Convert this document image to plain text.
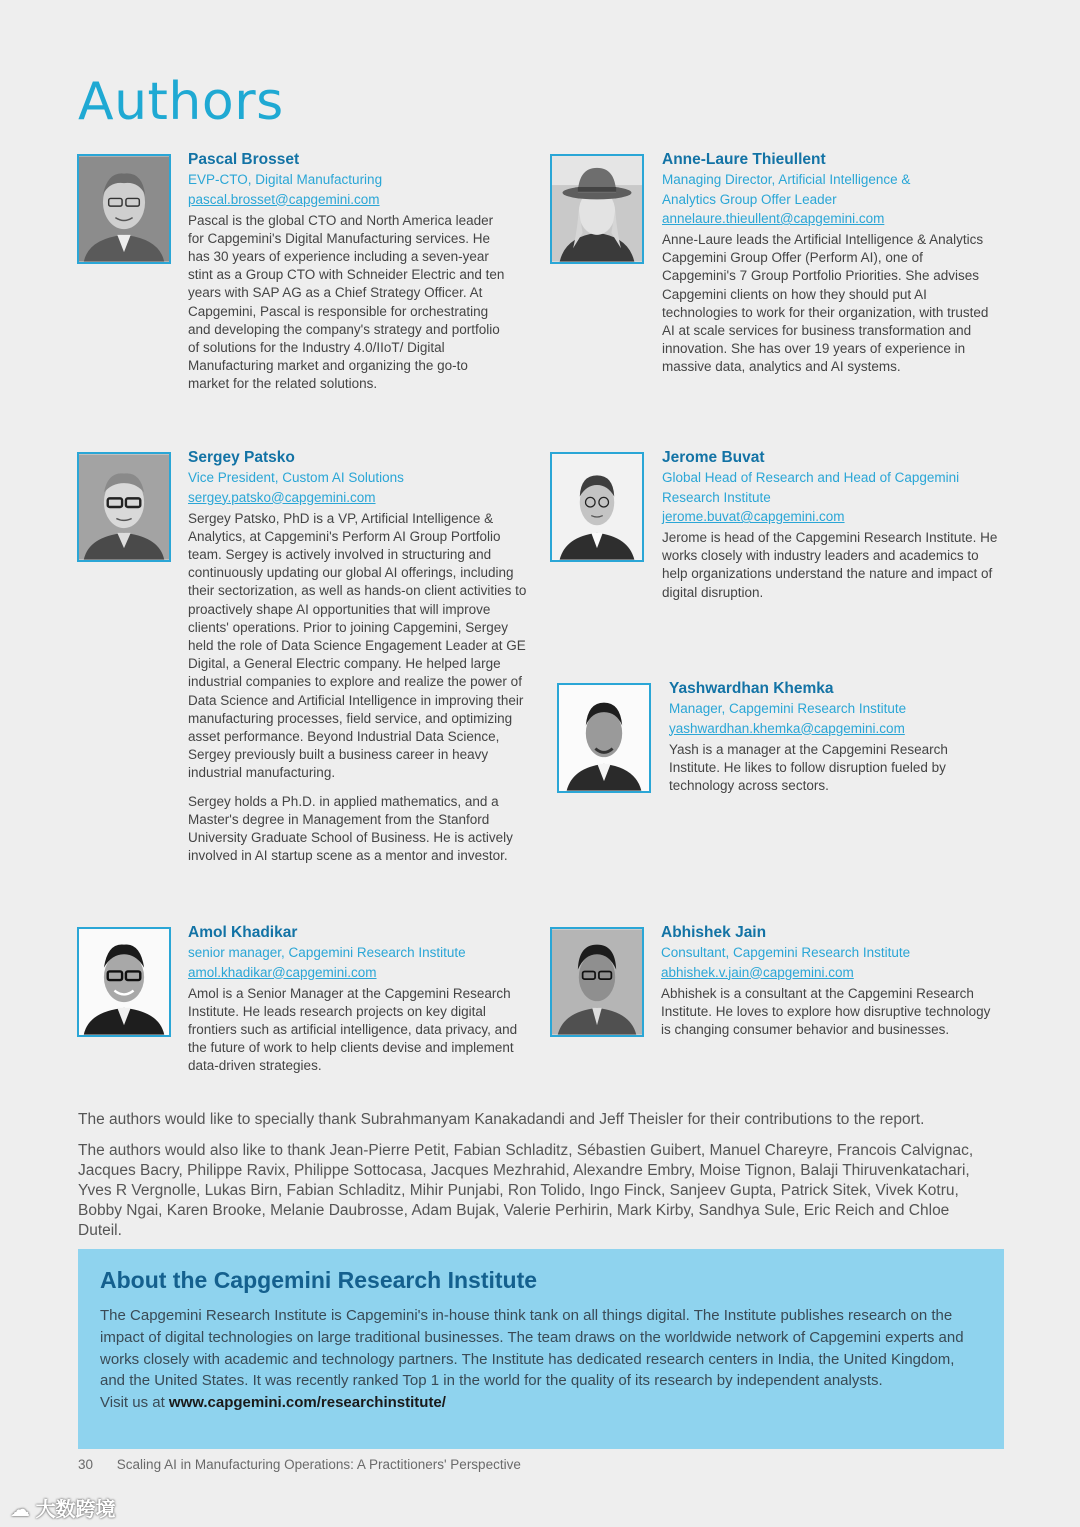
Authors
Pascal Brosset
EVP-CTO, Digital Manufacturing
pascal.brosset@capgemini.com
Pascal is the global CTO and North America leader for Capgemini's Digital Manufacturing services. He has 30 years of experience including a seven-year stint as a Group CTO with Schneider Electric and ten years with SAP AG as a Chief Strategy Officer. At Capgemini, Pascal is responsible for orchestrating and developing the company's strategy and portfolio of solutions for the Industry 4.0/IIoT/ Digital Manufacturing market and organizing the go-to market for the related solutions.
Anne-Laure Thieullent
Managing Director, Artificial Intelligence & Analytics Group Offer Leader
annelaure.thieullent@capgemini.com
Anne-Laure leads the Artificial Intelligence & Analytics Capgemini Group Offer (Perform AI), one of Capgemini's 7 Group Portfolio Priorities. She advises Capgemini clients on how they should put AI technologies to work for their organization, with trusted AI at scale services for business transformation and innovation. She has over 19 years of experience in massive data, analytics and AI systems.
Sergey Patsko
Vice President, Custom AI Solutions
sergey.patsko@capgemini.com
Sergey Patsko, PhD is a VP, Artificial Intelligence & Analytics, at Capgemini's Perform AI Group Portfolio team. Sergey is actively involved in structuring and continuously updating our global AI offerings, including their sectorization, as well as hands-on client activities to proactively shape AI opportunities that will improve clients' operations. Prior to joining Capgemini, Sergey held the role of Data Science Engagement Leader at GE Digital, a General Electric company. He helped large industrial companies to explore and realize the power of Data Science and Artificial Intelligence in improving their manufacturing processes, field service, and optimizing asset performance. Beyond Industrial Data Science, Sergey previously built a business career in heavy industrial manufacturing.
Sergey holds a Ph.D. in applied mathematics, and a Master's degree in Management from the Stanford University Graduate School of Business. He is actively involved in AI startup scene as a mentor and investor.
Jerome Buvat
Global Head of Research and Head of Capgemini Research Institute
jerome.buvat@capgemini.com
Jerome is head of the Capgemini Research Institute. He works closely with industry leaders and academics to help organizations understand the nature and impact of digital disruption.
Yashwardhan Khemka
Manager, Capgemini Research Institute
yashwardhan.khemka@capgemini.com
Yash is a manager at the Capgemini Research Institute. He likes to follow disruption fueled by technology across sectors.
Amol Khadikar
senior manager, Capgemini Research Institute
amol.khadikar@capgemini.com
Amol is a Senior Manager at the Capgemini Research Institute. He leads research projects on key digital frontiers such as artificial intelligence, data privacy, and the future of work to help clients devise and implement data-driven strategies.
Abhishek Jain
Consultant, Capgemini Research Institute
abhishek.v.jain@capgemini.com
Abhishek is a consultant at the Capgemini Research Institute. He loves to explore how disruptive technology is changing consumer behavior and businesses.

The authors would like to specially thank Subrahmanyam Kanakadandi and Jeff Theisler for their contributions to the report.

The authors would also like to thank Jean-Pierre Petit, Fabian Schladitz, Sébastien Guibert, Manuel Chareyre, Francois Calvignac, Jacques Bacry, Philippe Ravix, Philippe Sottocasa, Jacques Mezhrahid, Alexandre Embry, Moise Tignon, Balaji Thiruvenkatachari, Yves R Vergnolle, Lukas Birn, Fabian Schladitz, Mihir Punjabi, Ron Tolido, Ingo Finck, Sanjeev Gupta, Patrick Sitek, Vivek Kotru, Bobby Ngai, Karen Brooke, Melanie Daubrosse, Adam Bujak, Valerie Perhirin, Mark Kirby, Sandhya Sule, Eric Reich and Chloe Duteil.

About the Capgemini Research Institute

The Capgemini Research Institute is Capgemini's in-house think tank on all things digital. The Institute publishes research on the impact of digital technologies on large traditional businesses. The team draws on the worldwide network of Capgemini experts and works closely with academic and technology partners. The Institute has dedicated research centers in India, the United Kingdom, and the United States. It was recently ranked Top 1 in the world for the quality of its research by independent analysts.

Visit us at www.capgemini.com/researchinstitute/

30 Scaling AI in Manufacturing Operations: A Practitioners' Perspective
☁ 大数跨境
